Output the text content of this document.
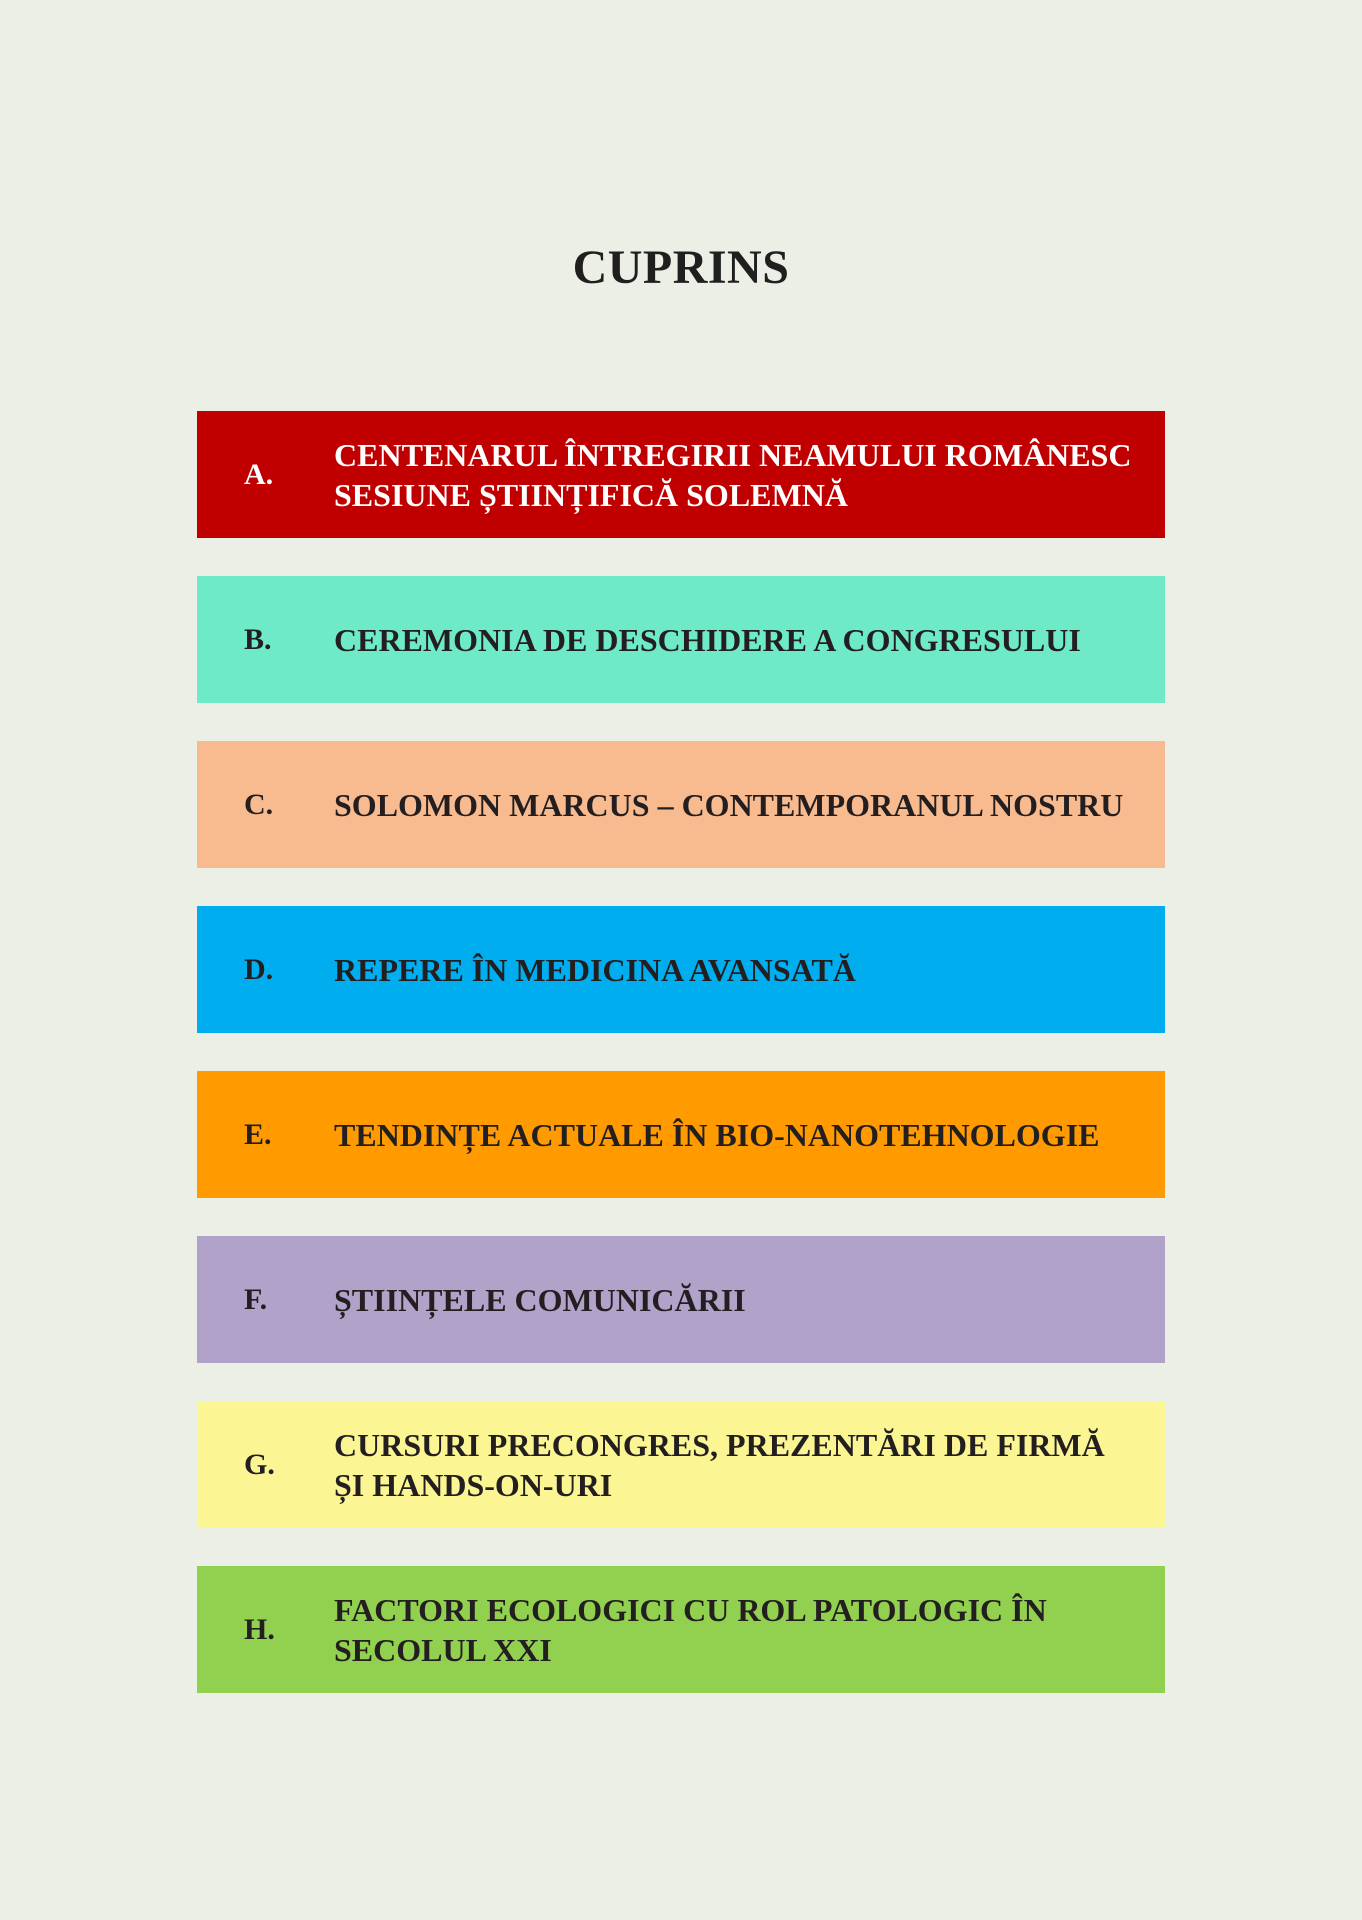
CUPRINS
A.
CENTENARUL ÎNTREGIRII NEAMULUI ROMÂNESC
SESIUNE ȘTIINȚIFICĂ SOLEMNĂ
B. CEREMONIA DE DESCHIDERE A CONGRESULUI
C. SOLOMON MARCUS – CONTEMPORANUL NOSTRU
D. REPERE ÎN MEDICINA AVANSATĂ
E. TENDINȚE ACTUALE ÎN BIO-NANOTEHNOLOGIE
F. ȘTIINȚELE COMUNICĂRII
G.
CURSURI PRECONGRES, PREZENTĂRI DE FIRMĂ
ȘI HANDS-ON-URI
H.
FACTORI ECOLOGICI CU ROL PATOLOGIC ÎN
SECOLUL XXI
